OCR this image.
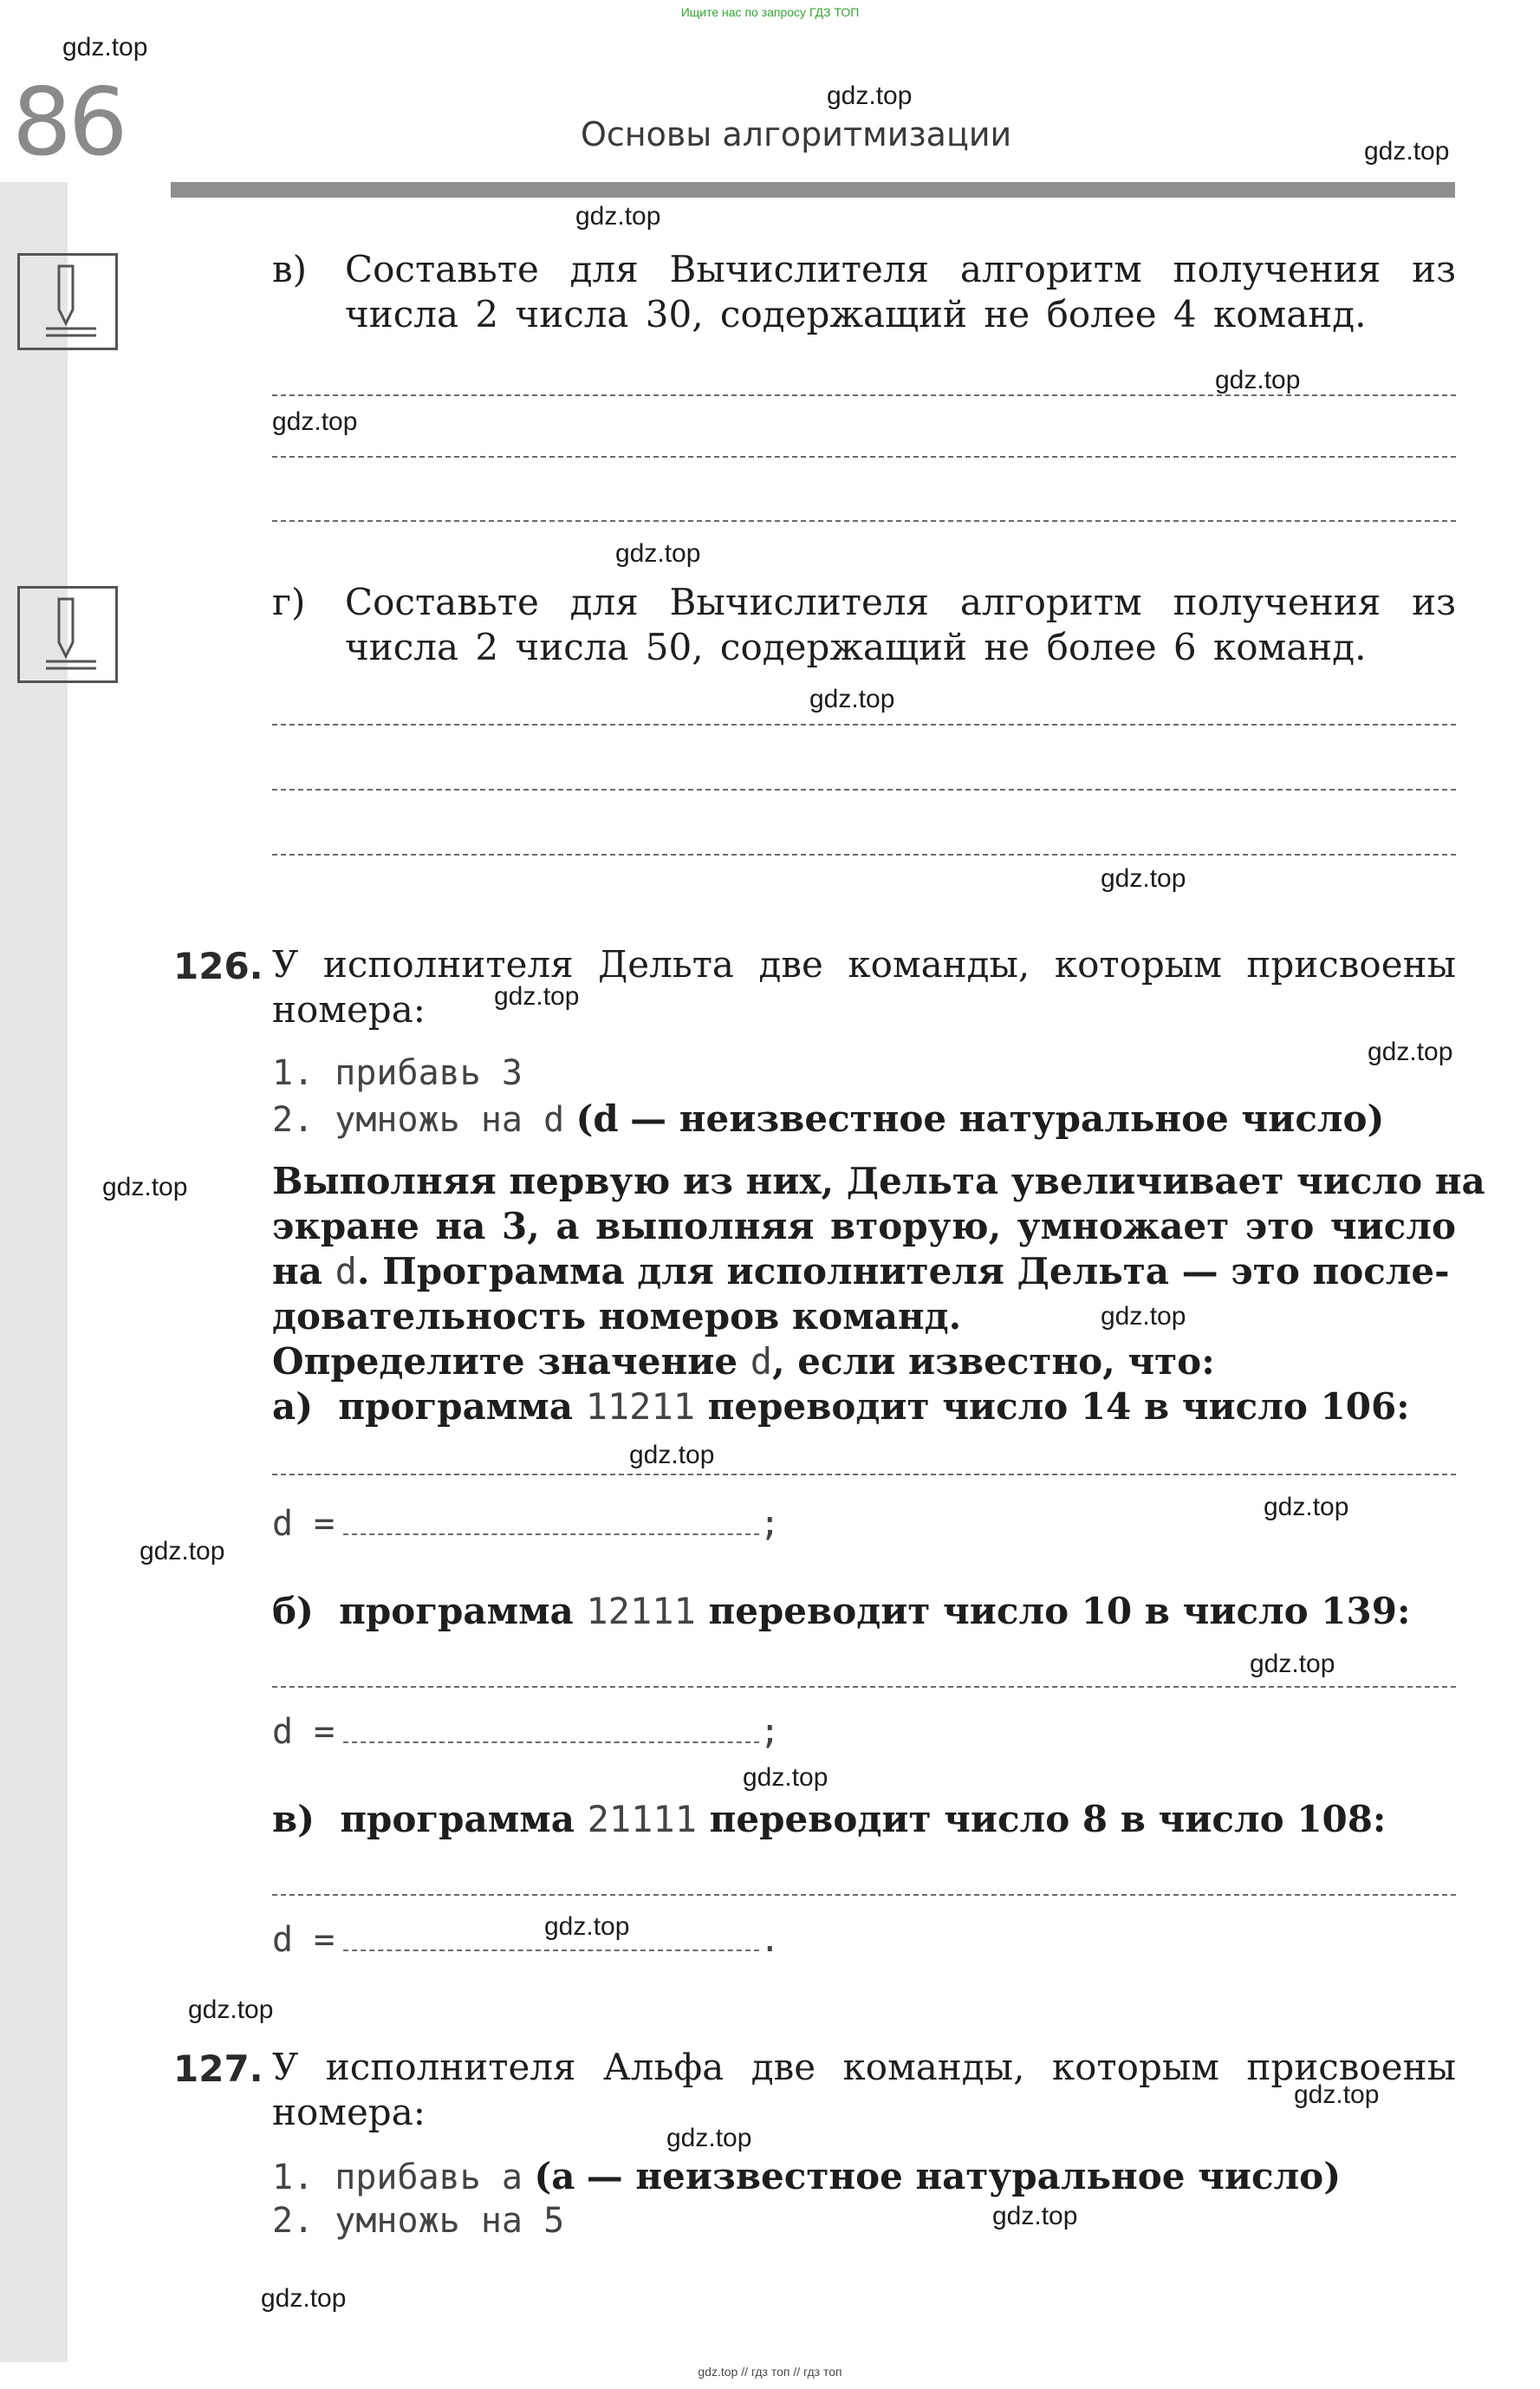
Ищите нас по запросу ГДЗ ТОП
86	Основы алгоритмизации
в) Составьте для Вычислителя алгоритм получения из
числа 2 числа 30, содержащий не более 4 команд.
г) Составьте для Вычислителя алгоритм получения из
числа 2 числа 50, содержащий не более 6 команд.
126. У исполнителя Дельта две команды, которым присвоены
номера:
1. прибавь 3
2. умножь на d (d — неизвестное натуральное число)
Выполняя первую из них, Дельта увеличивает число на
экране на 3, а выполняя вторую, умножает это число
на d. Программа для исполнителя Дельта — это после-
довательность номеров команд.
Определите значение d, если известно, что:
а) программа 11211 переводит число 14 в число 106:
d =	;
б) программа 12111 переводит число 10 в число 139:
d =	;
в) программа 21111 переводит число 8 в число 108:
d =	.
127. У исполнителя Альфа две команды, которым присвоены
номера:
1. прибавь a (a — неизвестное натуральное число)
2. умножь на 5
gdz.top
gdz.top
gdz.top
gdz.top
gdz.top
gdz.top
gdz.top
gdz.top
gdz.top
gdz.top
gdz.top
gdz.top
gdz.top
gdz.top
gdz.top
gdz.top
gdz.top
gdz.top
gdz.top
gdz.top
gdz.top
gdz.top
gdz.top
gdz.top
gdz.top // гдз топ // гдз топ
